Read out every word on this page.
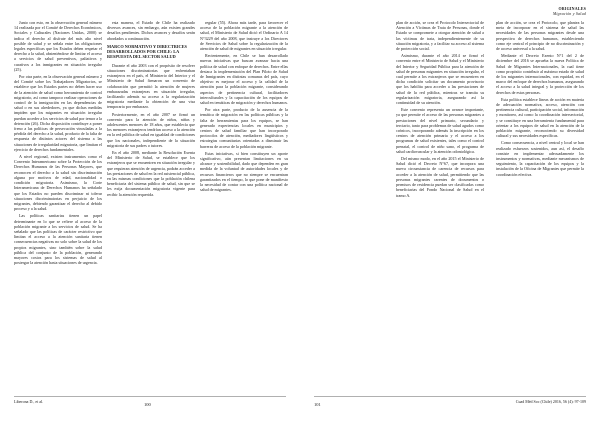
Junto con esto, en la observación general número 14 realizada por el Comité de Derechos Económicos, Sociales y Culturales (Naciones Unidas, 2000) se indica el derecho al disfrute del más alto nivel posible de salud y se señala entre las obligaciones legales específicas que los Estados deben respetar el derecho a la salud, absteniéndose de limitar el acceso a servicios de salud preventivos, paliativos y curativos a los inmigrantes en situación irregular (25).

Por otra parte, en la observación general número 2 del Comité sobre los Trabajadores Migratorios, se establece que los Estados partes no deben hacer uso de la atención de salud como herramienta de control migratorio, así como tampoco realizar operaciones de control de la inmigración en las dependencias de salud o en sus alrededores, ya que dichas medidas impiden que los migrantes en situación irregular puedan acceder a los servicios de salud por temor a la detención (26). Dicha disposición contribuye a poner freno a las políticas de persecución vinculadas a la pérdida del derecho a la salud, producto de la falta de respuesta de distintos actores del sistema a las situaciones de irregularidad migratoria, que limitan el ejercicio de derechos fundamentales.

A nivel regional, existen instrumentos como el Convenio Interamericano sobre la Protección de los Derechos Humanos de las Personas Mayores, que reconocen el derecho a la salud sin discriminación alguna por motivos de edad, nacionalidad o condición migratoria. Asimismo, la Corte Interamericana de Derechos Humanos ha señalado que los Estados no pueden discriminar ni tolerar situaciones discriminatorias en perjuicio de los migrantes, debiendo garantizar el derecho al debido proceso y a la salud.

Las políticas sanitarias tienen un papel determinante en lo que se refiere al acceso de la población migrante a los servicios de salud. Se ha señalado que las políticas de carácter restrictivo que limitan el acceso a la atención sanitaria tienen consecuencias negativas no solo sobre la salud de los propios migrantes, sino también sobre la salud pública del conjunto de la población, generando mayores costos para los sistemas de salud al postergar la atención hasta situaciones de urgencia.

esta manera, el Estado de Chile ha realizado diversos avances, sin embargo, aún existen grandes desafíos pendientes. Dichos avances y desafíos serán abordados a continuación.

MARCO NORMATIVO Y DIRECTRICES DESARROLLADOS POR CHILE: LA RESPUESTA DEL SECTOR SALUD

Durante el año 2003 con el propósito de resolver situaciones discriminatorias que enfrentaban extranjeros en el país, el Ministerio del Interior y el Ministerio de Salud firmaron un convenio de colaboración que permitió la atención de mujeres embarazadas extranjeras en situación irregular, facilitando además su acceso a la regularización migratoria mediante la obtención de una visa temporaria por embarazo.

Posteriormente, en el año 2007 se firmó un convenio para la atención de niños, niñas y adolescentes menores de 18 años, que establecía que los menores extranjeros tendrían acceso a la atención en la red pública de salud en igualdad de condiciones que los nacionales, independiente de la situación migratoria de sus padres o tutores.

En el año 2008, mediante la Resolución Exenta del Ministerio de Salud, se establece que los extranjeros que se encuentren en situación irregular y que requieran atención de urgencia, podrán acceder a las prestaciones de salud en la red asistencial pública, en las mismas condiciones que la población chilena beneficiaria del sistema público de salud, sin que se les exija documentación migratoria vigente para recibir la atención requerida.

regular (55). Ahora más tarde, para favorecer el acceso de la población migrante a la atención de salud, el Ministerio de Salud dictó el Ordinario A 14 N°3229 del año 2008, que instruye a los Directores de Servicios de Salud sobre la regularización de la atención de salud de migrantes en situación irregular.

Recientemente, en Chile se han desarrollado nuevas iniciativas que buscan avanzar hacia una política de salud con enfoque de derechos. Entre ellas destaca la implementación del Plan Piloto de Salud de Inmigrantes en distintas comunas del país, cuyo objetivo es mejorar el acceso y la calidad de la atención para la población migrante, considerando aspectos de pertinencia cultural, facilitadores interculturales y la capacitación de los equipos de salud en temáticas de migración y derechos humanos.

Por otra parte, producto de la ausencia de la temática de migración en las políticas públicas y la falta de herramientas para los equipos, se han generado experiencias locales en municipios y centros de salud familiar que han incorporado protocolos de atención, mediadores lingüísticos y estrategias comunitarias orientadas a disminuir las barreras de acceso de la población migrante.

Estas iniciativas, si bien constituyen un aporte significativo, aún presentan limitaciones en su alcance y sostenibilidad, dado que dependen en gran medida de la voluntad de autoridades locales y de recursos financieros que no siempre se encuentran garantizados en el tiempo, lo que pone de manifiesto la necesidad de contar con una política nacional de salud de migrantes.

Liberona D., et al.
100
ORIGINALES
Migración y Salud

plan de acción, se crea el Protocolo Intersectorial de Atención a Víctimas de Trata de Personas, donde el Estado se compromete a otorgar atención de salud a las víctimas de trata, independientemente de su situación migratoria, y a facilitar su acceso al sistema de protección social.

Asimismo, durante el año 2014 se firmó el convenio entre el Ministerio de Salud y el Ministerio del Interior y Seguridad Pública para la atención de salud de personas migrantes en situación irregular, el cual permite a los extranjeros que se encuentren en dicha condición solicitar un documento provisorio que los habilita para acceder a las prestaciones de salud de la red pública, mientras se tramita su regularización migratoria, asegurando así la continuidad de su atención.

Este convenio representa un avance importante, ya que permite el acceso de las personas migrantes a prestaciones del nivel primario, secundario y terciario, tanto para problemas de salud agudos como crónicos, incorporando además la inscripción en los centros de atención primaria y el acceso a los programas de salud existentes, tales como el control prenatal, el control de niño sano, el programa de salud cardiovascular y la atención odontológica.

Del mismo modo, en el año 2015 el Ministerio de Salud dictó el Decreto N°67, que incorpora una nueva circunstancia de carencia de recursos para acceder a la atención de salud, permitiendo que las personas migrantes carentes de documentos o permisos de residencia puedan ser clasificadas como beneficiarias del Fondo Nacional de Salud en el tramo A.

plan de acción, se crea el Protocolo, que plantea la meta de incorporar en el sistema de salud las necesidades de las personas migrantes desde una perspectiva de derechos humanos, estableciendo como eje central el principio de no discriminación y de acceso universal a la salud.

Mediante el Decreto Exento N°1 del 2 de diciembre del 2016 se aprueba la nueva Política de Salud de Migrantes Internacionales, la cual tiene como propósito contribuir al máximo estado de salud de los migrantes internacionales, con equidad, en el marco del enfoque de derechos humanos, asegurando el acceso a la salud integral y la protección de los derechos de estas personas.

Esta política establece líneas de acción en materia de adecuación normativa, acceso, atención con pertinencia cultural, participación social, información y monitoreo, así como la coordinación intersectorial, y se constituye en una herramienta fundamental para orientar a los equipos de salud en la atención de la población migrante, reconociendo su diversidad cultural y sus necesidades específicas.

Como consecuencia, a nivel central y local se han realizado esfuerzos sostenidos, aun así, el desafío consiste en implementar adecuadamente los instrumentos y normativas, mediante mecanismos de seguimiento, la capacitación de los equipos y la instalación de la Oficina de Migrantes que permite la coordinación efectiva.

101
Cuad Méd Soc (Chile) 2016, 56 (4): 97-109
